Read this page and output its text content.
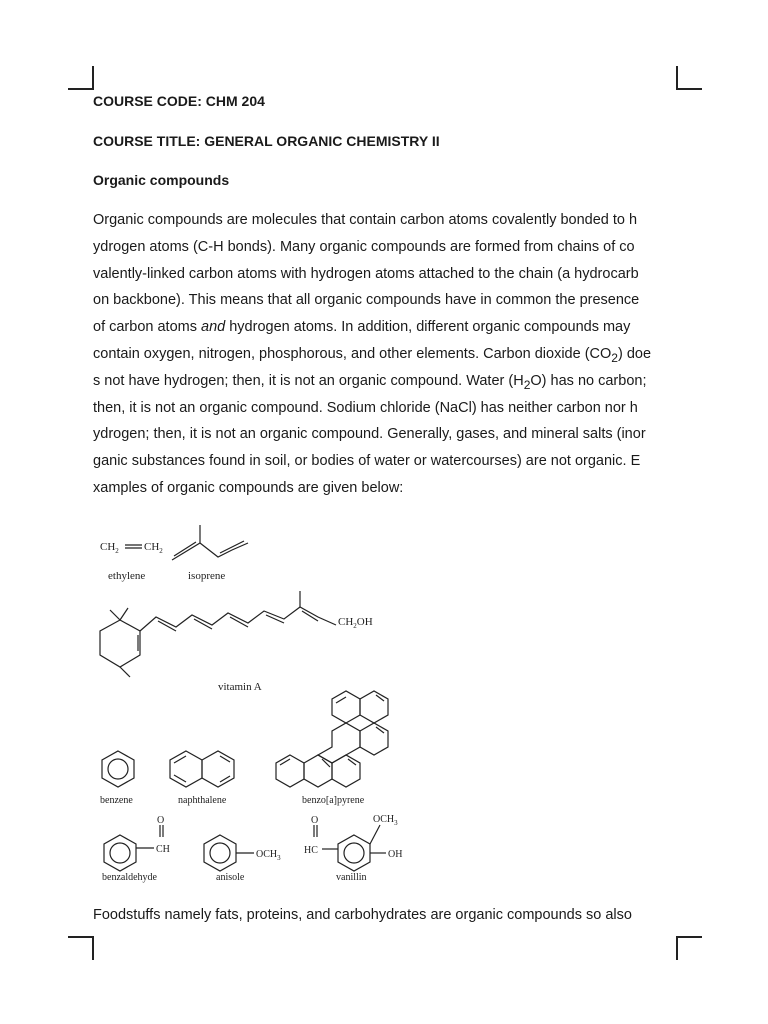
COURSE CODE: CHM 204
COURSE TITLE: GENERAL ORGANIC CHEMISTRY II
Organic compounds
Organic compounds are molecules that contain carbon atoms covalently bonded to h
ydrogen atoms (C-H bonds). Many organic compounds are formed from chains of co
valently-linked carbon atoms with hydrogen atoms attached to the chain (a hydrocarb
on backbone). This means that all organic compounds have in common the presence
of carbon atoms and hydrogen atoms. In addition, different organic compounds may
contain oxygen, nitrogen, phosphorous, and other elements. Carbon dioxide $(CO_2)$ doe
s not have hydrogen; then, it is not an organic compound. Water $(H_2O)$ has no carbon;
then, it is not an organic compound. Sodium chloride (NaCl) has neither carbon nor h
ydrogen; then, it is not an organic compound. Generally, gases, and mineral salts (inor
ganic substances found in soil, or bodies of water or watercourses) are not organic. E
xamples of organic compounds are given below:
$CH_2$ $CH_2$
ethylene	isoprene
$CH_2OH$
vitamin A
benzene	naphthalene	benzo[a]pyrene
O
CH
benzaldehyde
$OCH_3$
anisole
O
HC
$OCH_3$
OH
vanillin
Foodstuffs namely fats, proteins, and carbohydrates are organic compounds so also
